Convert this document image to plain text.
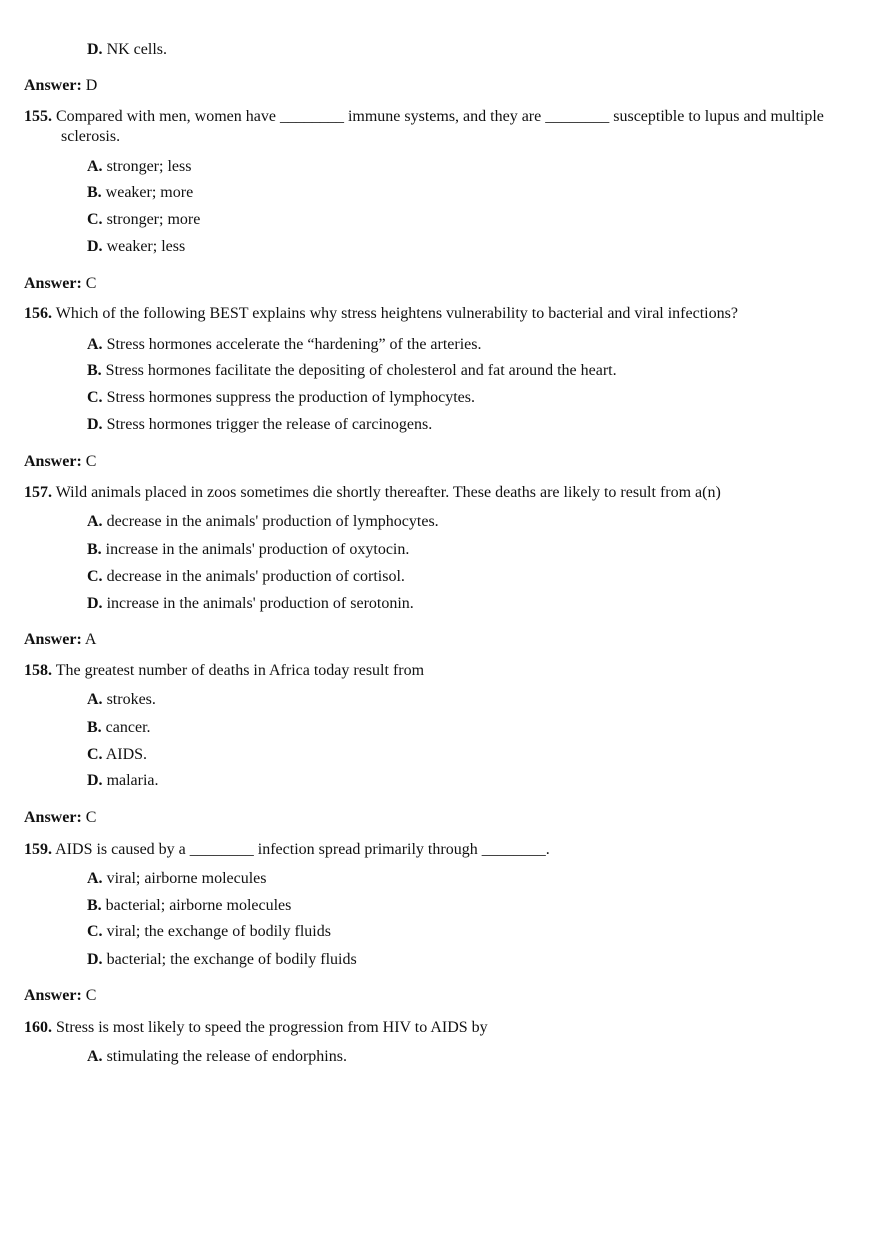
D. NK cells.
Answer: D
155. Compared with men, women have ________ immune systems, and they are ________ susceptible to lupus and multiple sclerosis.
A. stronger; less
B. weaker; more
C. stronger; more
D. weaker; less
Answer: C
156. Which of the following BEST explains why stress heightens vulnerability to bacterial and viral infections?
A. Stress hormones accelerate the “hardening” of the arteries.
B. Stress hormones facilitate the depositing of cholesterol and fat around the heart.
C. Stress hormones suppress the production of lymphocytes.
D. Stress hormones trigger the release of carcinogens.
Answer: C
157. Wild animals placed in zoos sometimes die shortly thereafter. These deaths are likely to result from a(n)
A. decrease in the animals' production of lymphocytes.
B. increase in the animals' production of oxytocin.
C. decrease in the animals' production of cortisol.
D. increase in the animals' production of serotonin.
Answer: A
158. The greatest number of deaths in Africa today result from
A. strokes.
B. cancer.
C. AIDS.
D. malaria.
Answer: C
159. AIDS is caused by a ________ infection spread primarily through ________.
A. viral; airborne molecules
B. bacterial; airborne molecules
C. viral; the exchange of bodily fluids
D. bacterial; the exchange of bodily fluids
Answer: C
160. Stress is most likely to speed the progression from HIV to AIDS by
A. stimulating the release of endorphins.
